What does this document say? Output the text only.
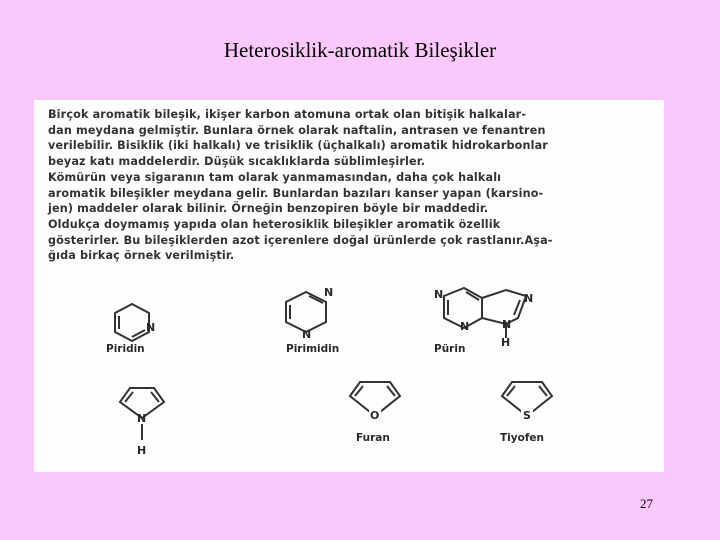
Heterosiklik-aromatik Bileşikler
Birçok aromatik bileşik, ikişer karbon atomuna ortak olan bitişik halkalar-
dan meydana gelmiştir. Bunlara örnek olarak naftalin, antrasen ve fenantren
verilebilir. Bisiklik (iki halkalı) ve trisiklik (üçhalkalı) aromatik hidrokarbonlar
beyaz katı maddelerdir. Düşük sıcaklıklarda süblimleşirler.
Kömürün veya sigaranın tam olarak yanmamasından, daha çok halkalı
aromatik bileşikler meydana gelir. Bunlardan bazıları kanser yapan (karsino-
jen) maddeler olarak bilinir. Örneğin benzopiren böyle bir maddedir.
Oldukça doymamış yapıda olan heterosiklik bileşikler aromatik özellik
gösterirler. Bu bileşiklerden azot içerenlere doğal ürünlerde çok rastlanır.Aşa-
ğıda birkaç örnek verilmiştir.
N
Piridin
N
N
Pirimidin
N
N
N
N
H
Pürin
N
H
O
Furan
S
Tiyofen
27
